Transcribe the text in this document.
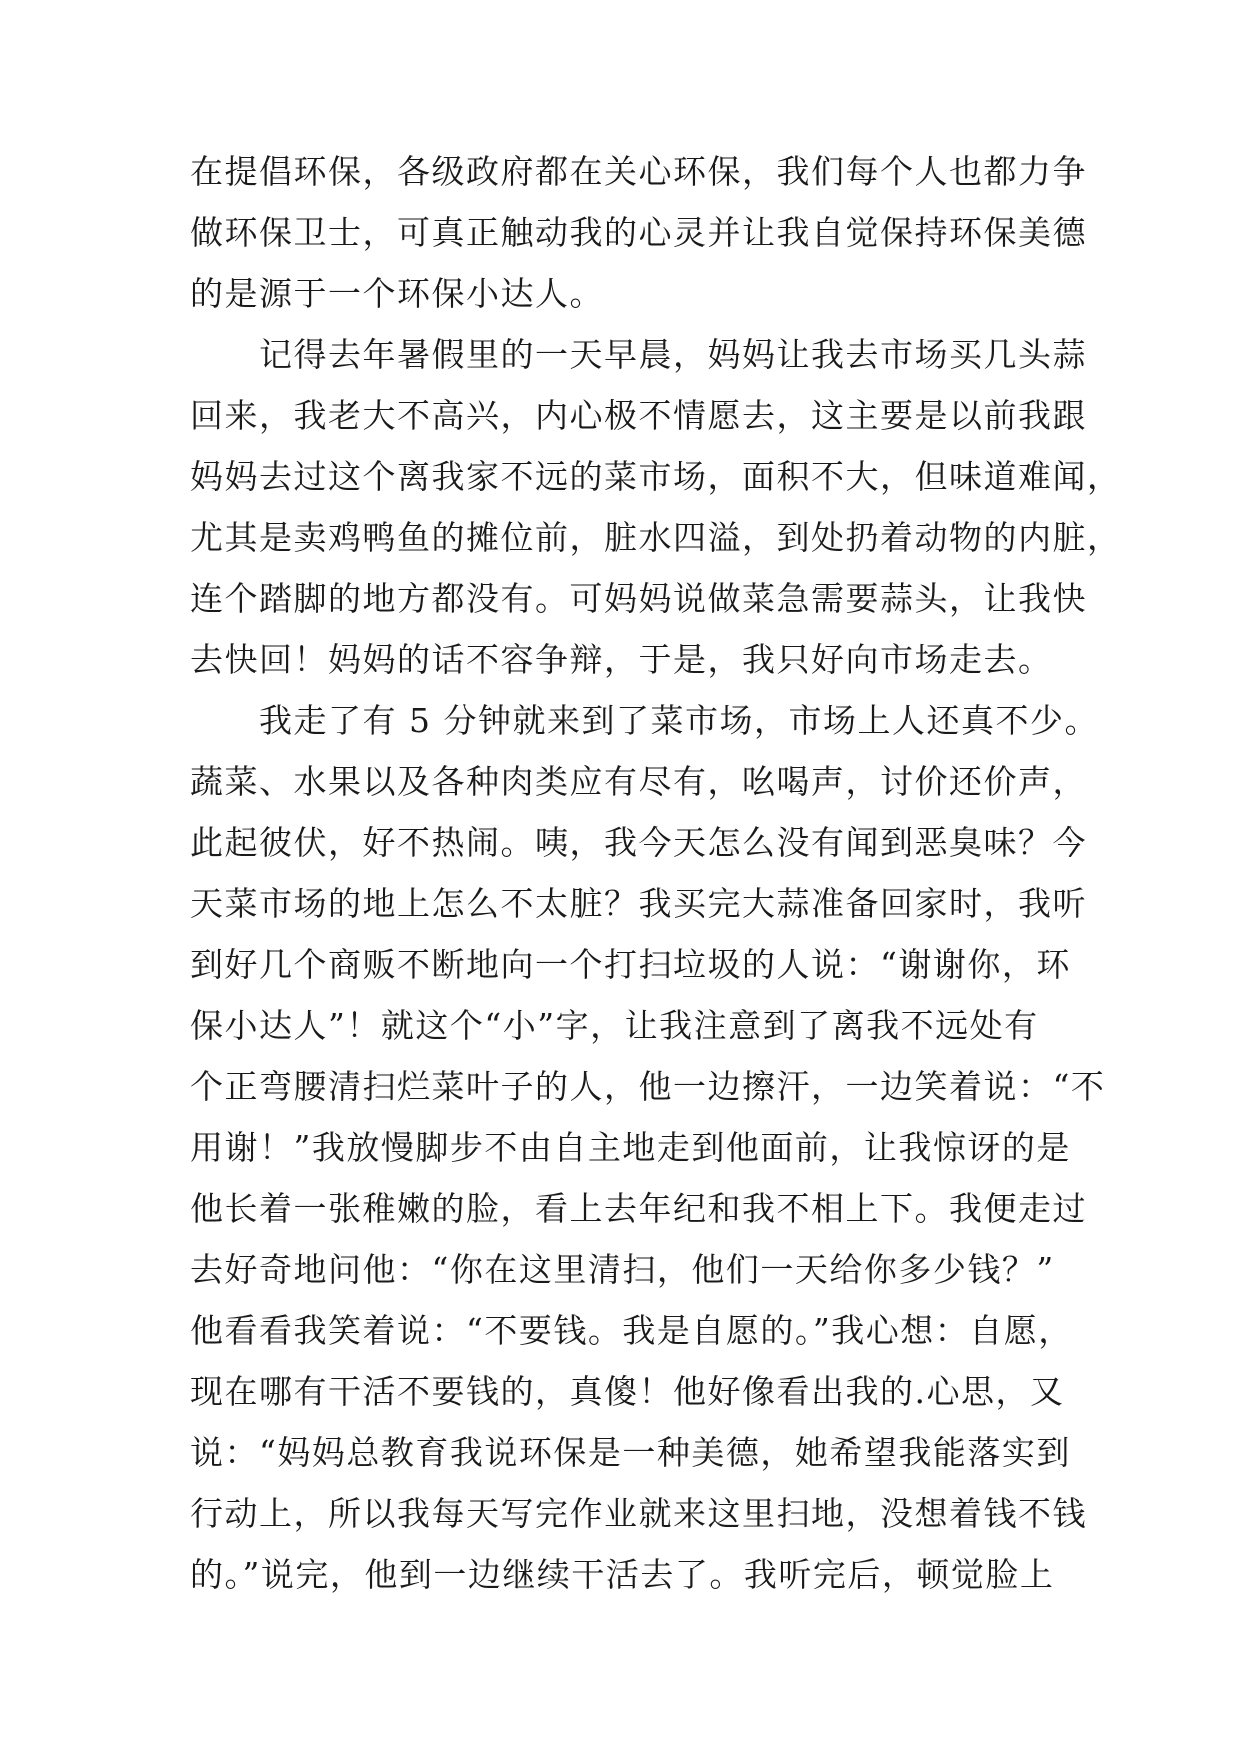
在提倡环保，各级政府都在关心环保，我们每个人也都力争

做环保卫士，可真正触动我的心灵并让我自觉保持环保美德

的是源于一个环保小达人。

　　记得去年暑假里的一天早晨，妈妈让我去市场买几头蒜

回来，我老大不高兴，内心极不情愿去，这主要是以前我跟

妈妈去过这个离我家不远的菜市场，面积不大，但味道难闻，

尤其是卖鸡鸭鱼的摊位前，脏水四溢，到处扔着动物的内脏，

连个踏脚的地方都没有。可妈妈说做菜急需要蒜头，让我快

去快回！妈妈的话不容争辩，于是，我只好向市场走去。

　　我走了有 5 分钟就来到了菜市场，市场上人还真不少。

蔬菜、水果以及各种肉类应有尽有，吆喝声，讨价还价声，

此起彼伏，好不热闹。咦，我今天怎么没有闻到恶臭味？今

天菜市场的地上怎么不太脏？我买完大蒜准备回家时，我听

到好几个商贩不断地向一个打扫垃圾的人说：“谢谢你，环

保小达人”！就这个“小”字，让我注意到了离我不远处有

个正弯腰清扫烂菜叶子的人，他一边擦汗，一边笑着说：“不

用谢！”我放慢脚步不由自主地走到他面前，让我惊讶的是

他长着一张稚嫩的脸，看上去年纪和我不相上下。我便走过

去好奇地问他：“你在这里清扫，他们一天给你多少钱？”

他看看我笑着说：“不要钱。我是自愿的。”我心想：自愿，

现在哪有干活不要钱的，真傻！他好像看出我的.心思，又

说：“妈妈总教育我说环保是一种美德，她希望我能落实到

行动上，所以我每天写完作业就来这里扫地，没想着钱不钱

的。”说完，他到一边继续干活去了。我听完后，顿觉脸上
